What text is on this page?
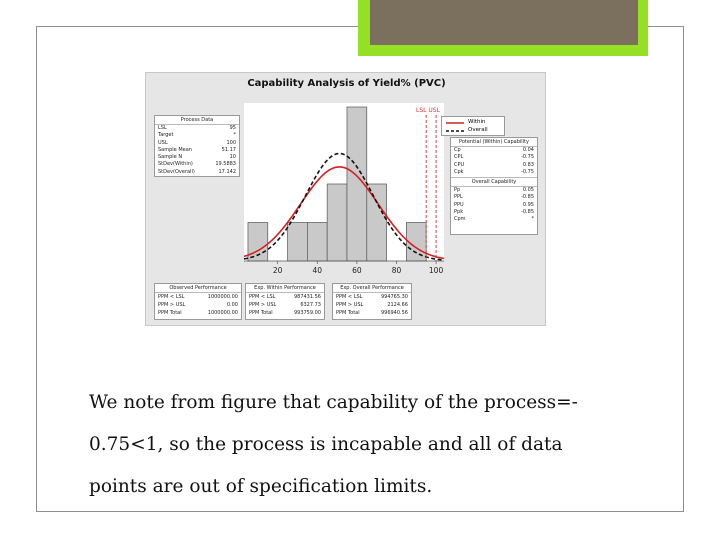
Capability Analysis of Yield% (PVC)
20	40	60	80	100
LSL USL
Within
Overall
Process Data
LSL	95
Target	*
USL	100
Sample Mean	51.17
Sample N	10
StDev(Within)	19.5883
StDev(Overall)	17.142
Potential (Within) Capability
Cp	0.04
CPL	-0.75
CPU	0.83
Cpk	-0.75
Overall Capability
Pp	0.05
PPL	-0.85
PPU	0.95
Ppk	-0.85
Cpm	*
Observed Performance
PPM < LSL	1000000.00
PPM > USL	0.00
PPM Total	1000000.00
Exp. Within Performance
PPM < LSL	987431.56
PPM > USL	6327.73
PPM Total	993759.00
Exp. Overall Performance
PPM < LSL	994765.30
PPM > USL	2124.66
PPM Total	996940.56

We note from figure that capability of the process=-

0.75<1, so the process is incapable and all of data

points are out of specification limits.
